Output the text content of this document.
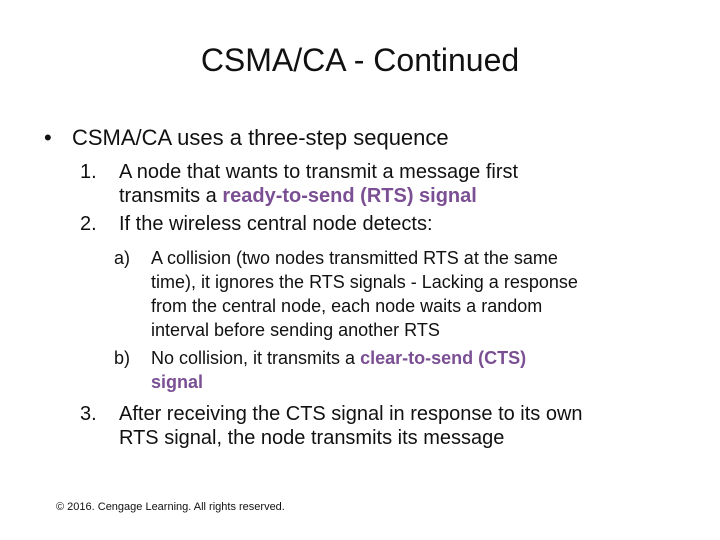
CSMA/CA - Continued
• CSMA/CA uses a three-step sequence
1. A node that wants to transmit a message first
transmits a ready-to-send (RTS) signal
2. If the wireless central node detects:
a) A collision (two nodes transmitted RTS at the same
time), it ignores the RTS signals - Lacking a response
from the central node, each node waits a random
interval before sending another RTS
b) No collision, it transmits a clear-to-send (CTS)
signal
3. After receiving the CTS signal in response to its own
RTS signal, the node transmits its message
© 2016. Cengage Learning. All rights reserved.
